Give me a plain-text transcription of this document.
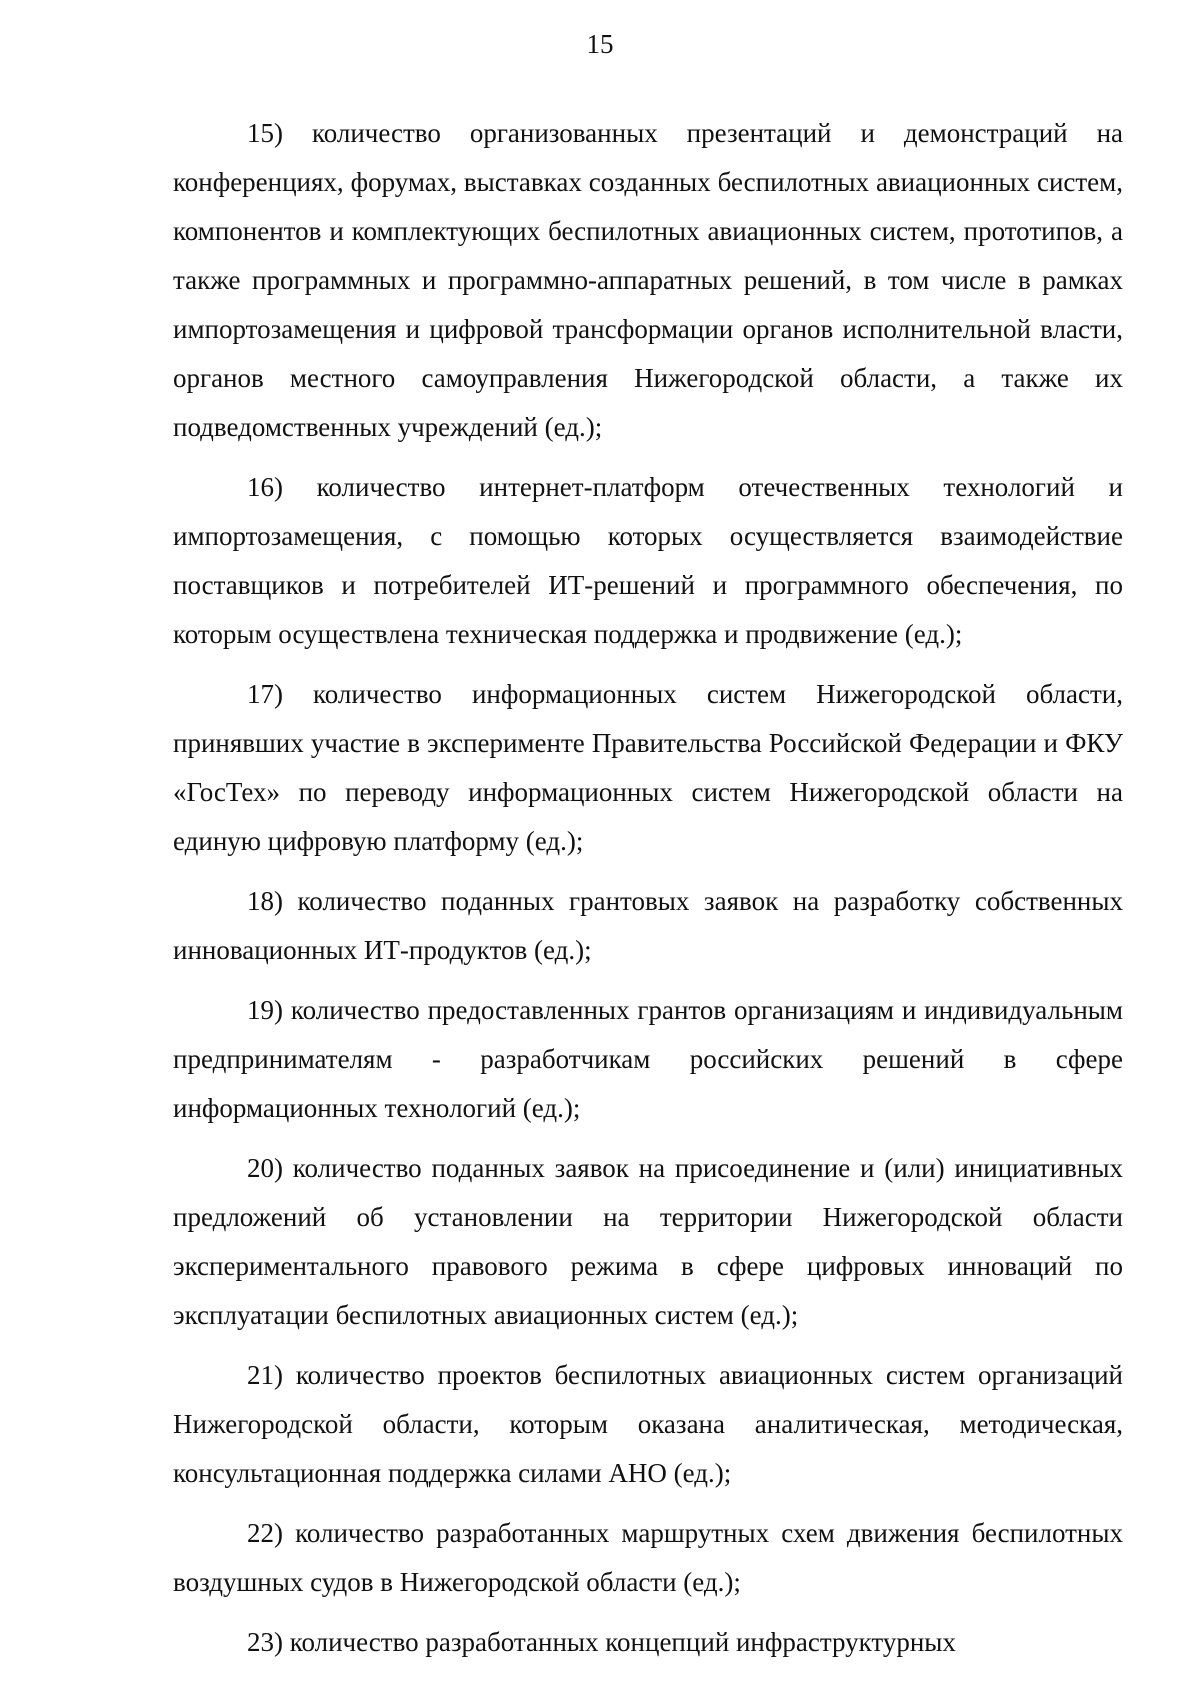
15

15) количество организованных презентаций и демонстраций на конференциях, форумах, выставках созданных беспилотных авиационных систем, компонентов и комплектующих беспилотных авиационных систем, прототипов, а также программных и программно-аппаратных решений, в том числе в рамках импортозамещения и цифровой трансформации органов исполнительной власти, органов местного самоуправления Нижегородской области, а также их подведомственных учреждений (ед.);

16) количество интернет-платформ отечественных технологий и импортозамещения, с помощью которых осуществляется взаимодействие поставщиков и потребителей ИТ-решений и программного обеспечения, по которым осуществлена техническая поддержка и продвижение (ед.);

17) количество информационных систем Нижегородской области, принявших участие в эксперименте Правительства Российской Федерации и ФКУ «ГосТех» по переводу информационных систем Нижегородской области на единую цифровую платформу (ед.);

18) количество поданных грантовых заявок на разработку собственных инновационных ИТ-продуктов (ед.);

19) количество предоставленных грантов организациям и индивидуальным предпринимателям - разработчикам российских решений в сфере информационных технологий (ед.);

20) количество поданных заявок на присоединение и (или) инициативных предложений об установлении на территории Нижегородской области экспериментального правового режима в сфере цифровых инноваций по эксплуатации беспилотных авиационных систем (ед.);

21) количество проектов беспилотных авиационных систем организаций Нижегородской области, которым оказана аналитическая, методическая, консультационная поддержка силами АНО (ед.);

22) количество разработанных маршрутных схем движения беспилотных воздушных судов в Нижегородской области (ед.);

23) количество разработанных концепций инфраструктурных
